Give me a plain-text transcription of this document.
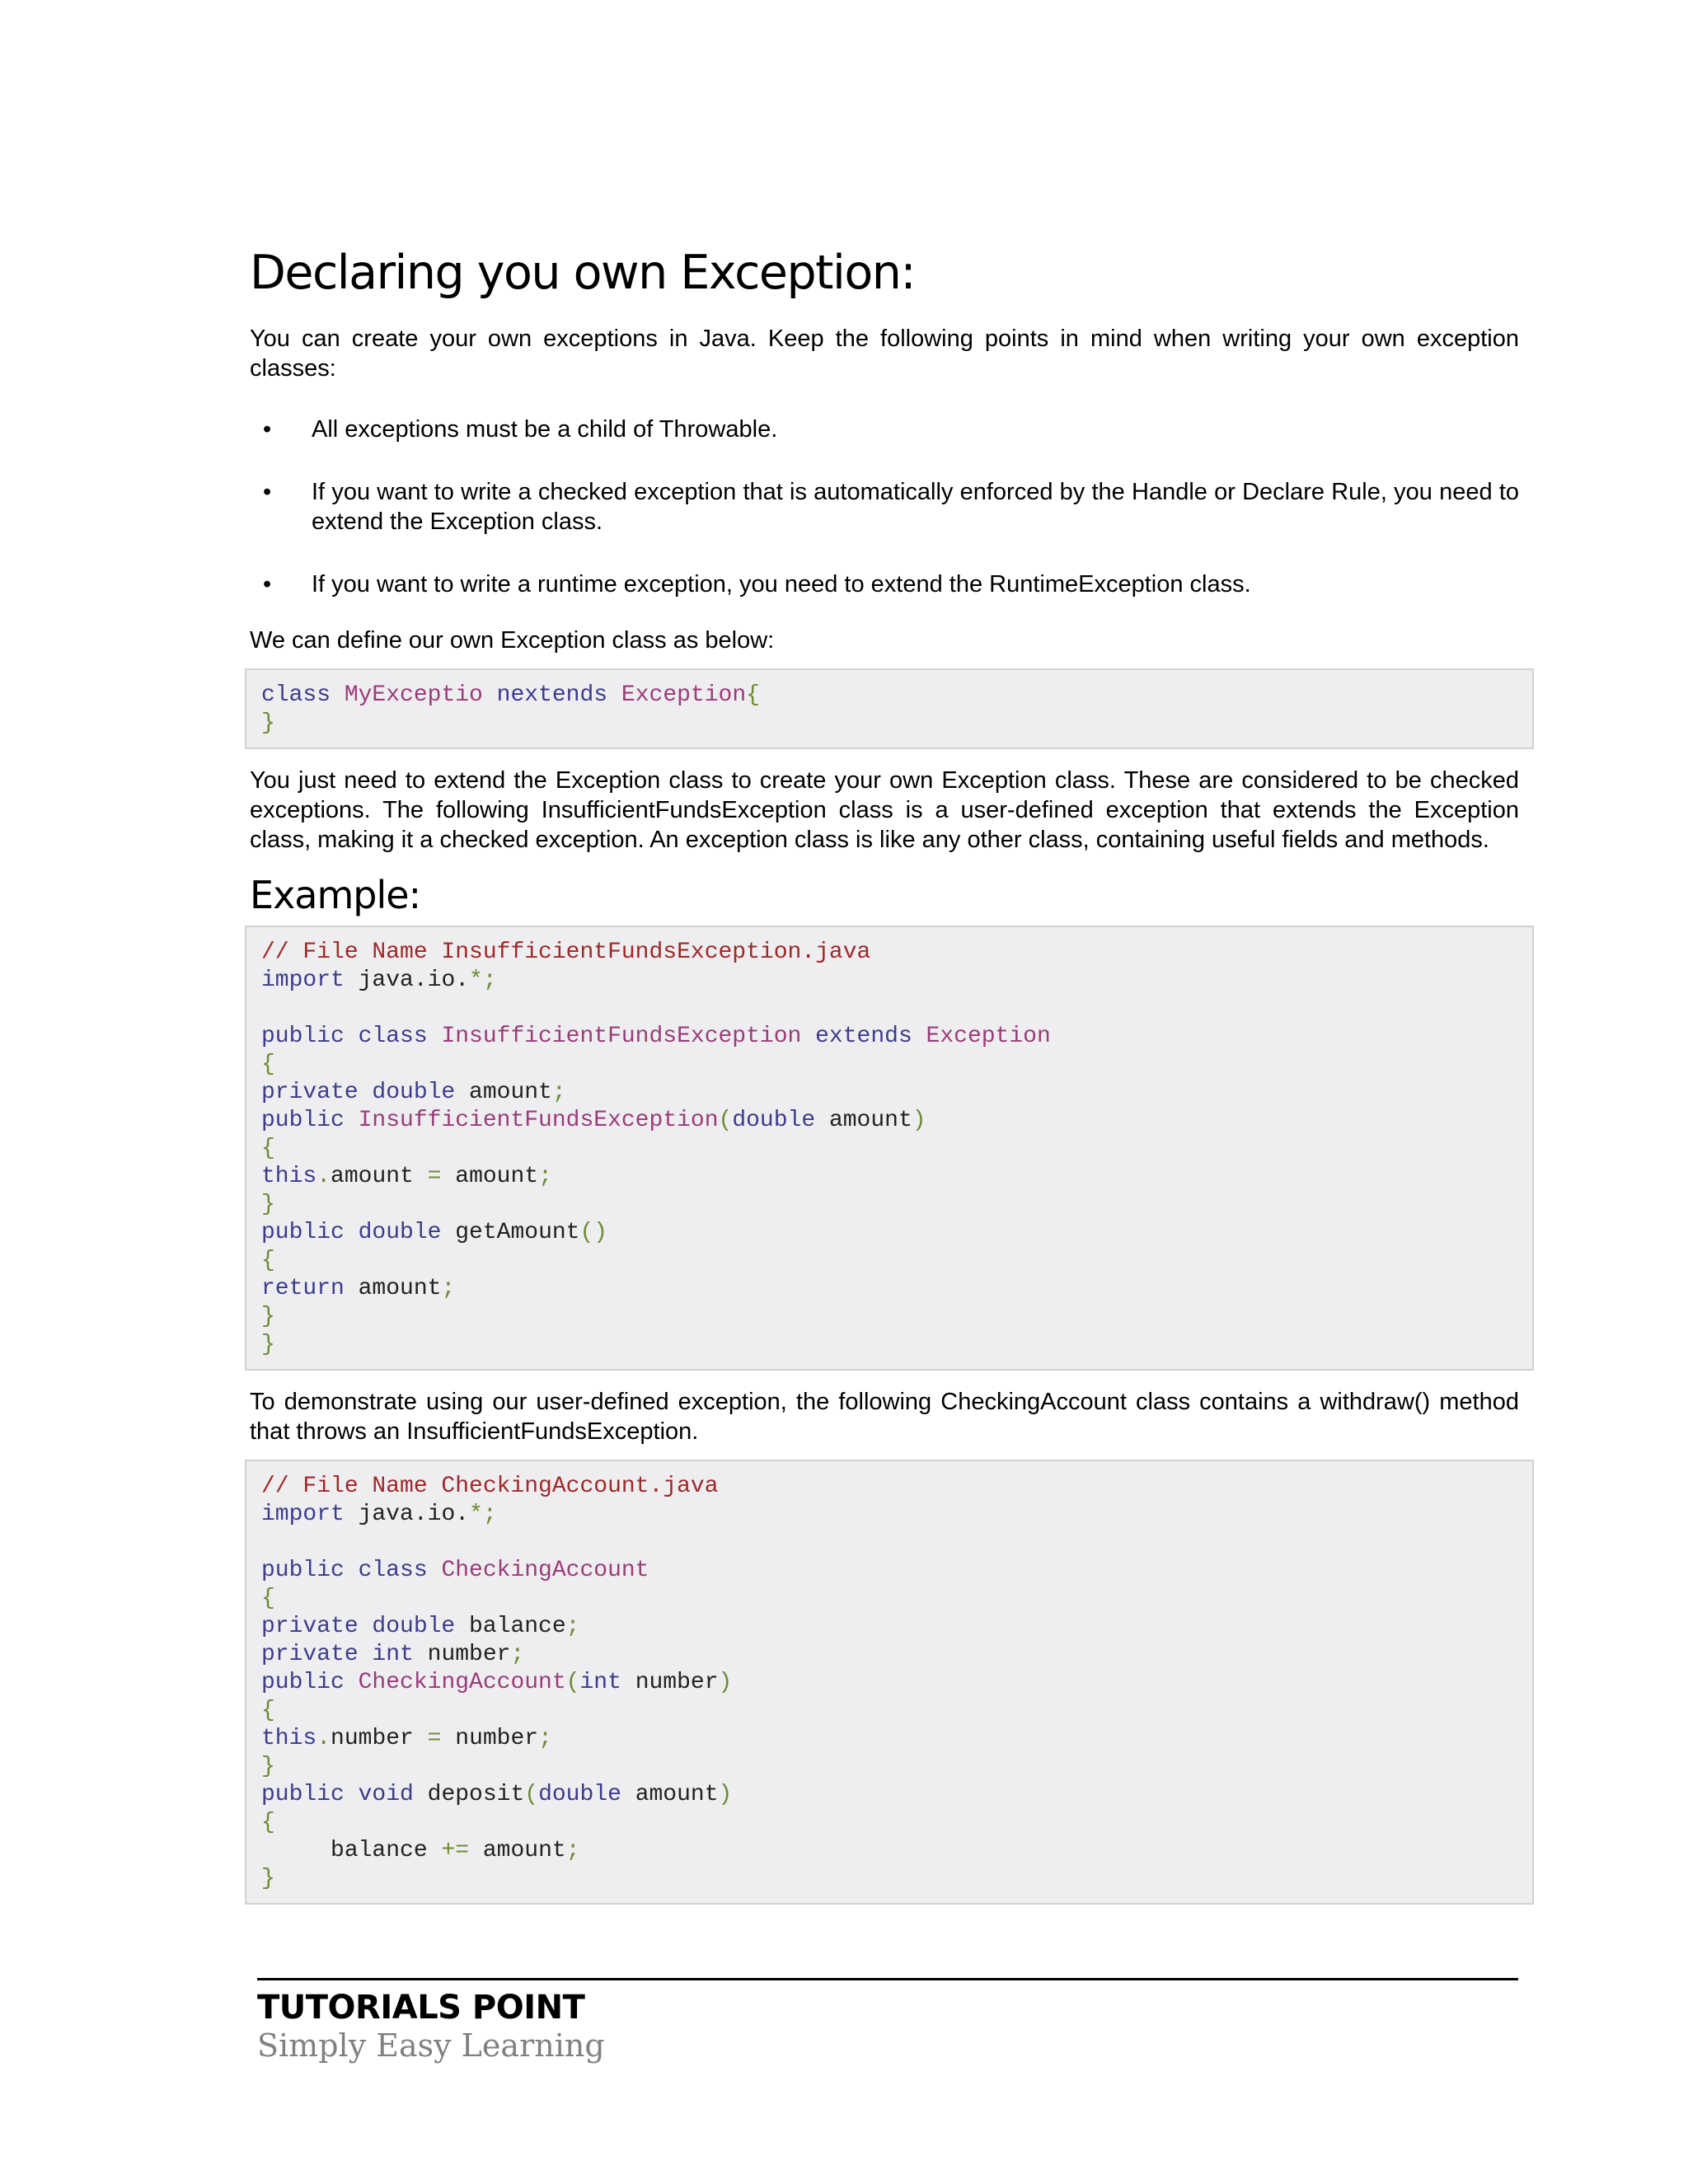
Declaring you own Exception:

You can create your own exceptions in Java. Keep the following points in mind when writing your own exception classes:

• All exceptions must be a child of Throwable.
• If you want to write a checked exception that is automatically enforced by the Handle or Declare Rule, you need to extend the Exception class.
• If you want to write a runtime exception, you need to extend the RuntimeException class.

We can define our own Exception class as below:

class MyExceptio nextends Exception{
}

You just need to extend the Exception class to create your own Exception class. These are considered to be checked exceptions. The following InsufficientFundsException class is a user-defined exception that extends the Exception class, making it a checked exception. An exception class is like any other class, containing useful fields and methods.

Example:
// File Name InsufficientFundsException.java
import java.io.*;
public class InsufficientFundsException extends Exception
{
private double amount;
public InsufficientFundsException(double amount)
{
this.amount = amount;
}
public double getAmount()
{
return amount;
}
}

To demonstrate using our user-defined exception, the following CheckingAccount class contains a withdraw() method that throws an InsufficientFundsException.

// File Name CheckingAccount.java
import java.io.*;
public class CheckingAccount
{
private double balance;
private int number;
public CheckingAccount(int number)
{
this.number = number;
}
public void deposit(double amount)
{
balance += amount;
}
TUTORIALS POINT
Simply Easy Learning
